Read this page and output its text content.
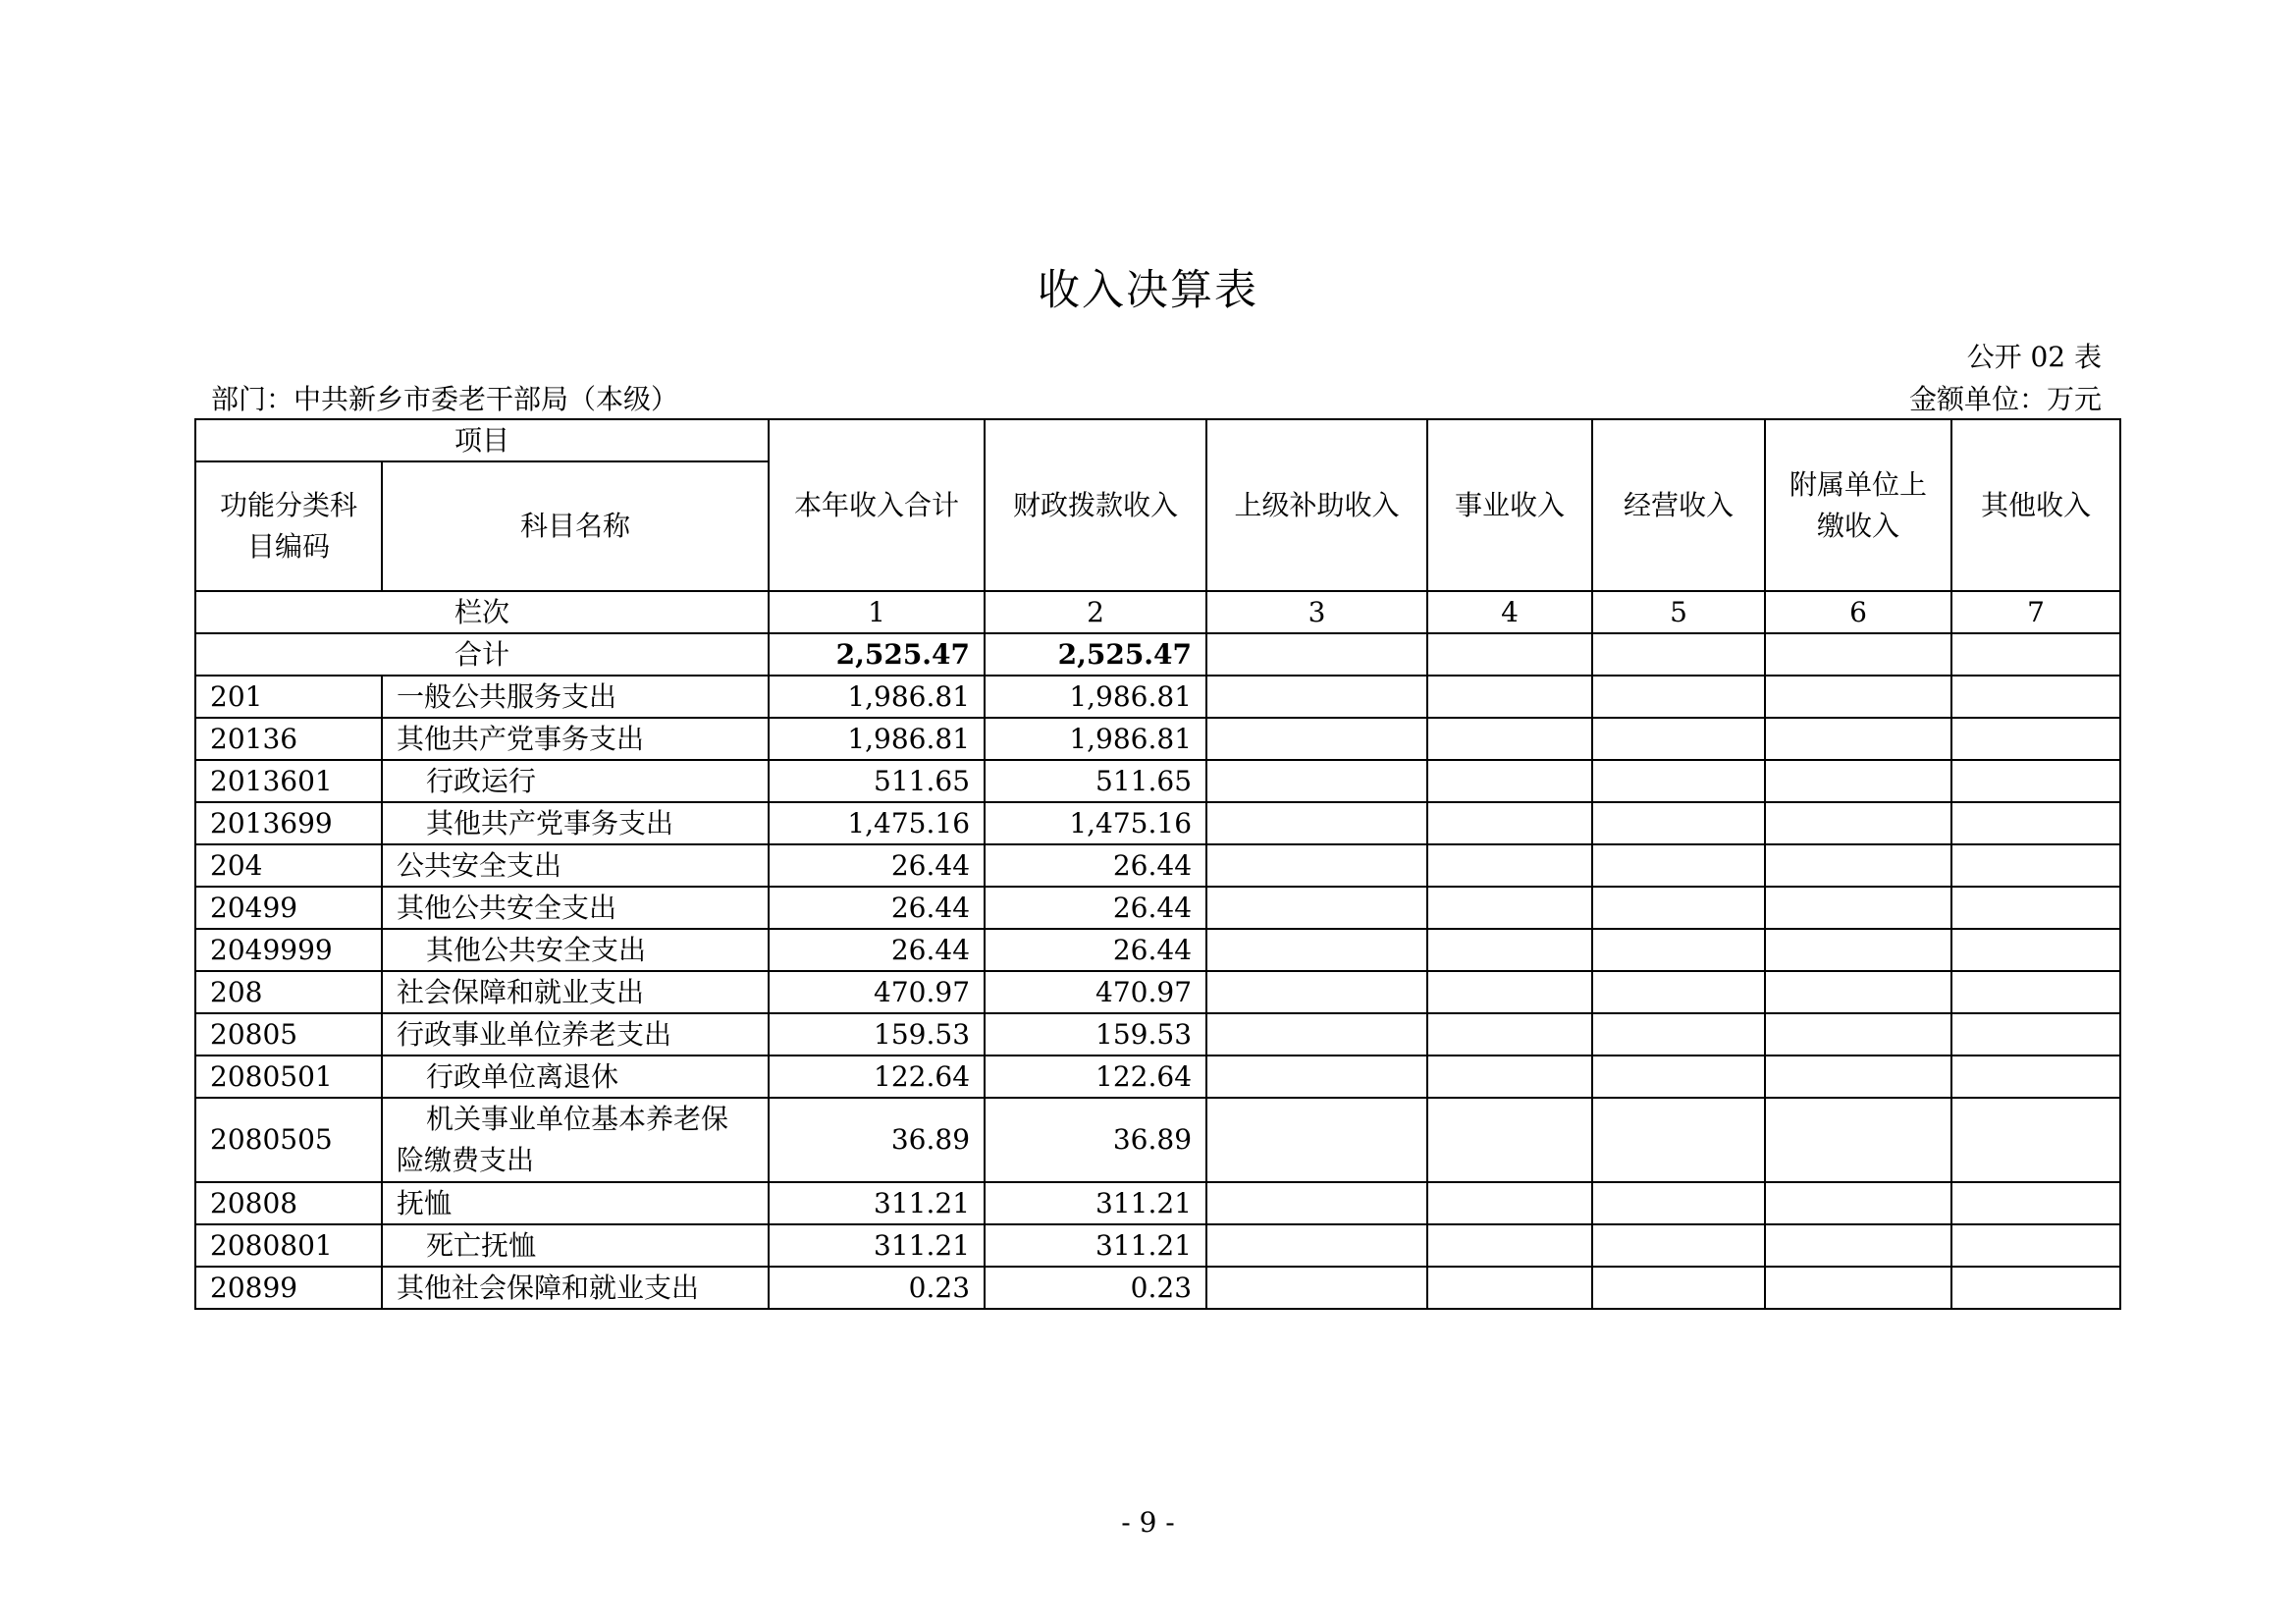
收入决算表
公开 02 表
部门：中共新乡市委老干部局（本级）	金额单位：万元
项目		本年收入合计	财政拨款收入	上级补助收入	事业收入	经营收入	附属单位上缴收入	其他收入
功能分类科目编码	科目名称							
栏次		1	2	3	4	5	6	7
合计		2,525.47	2,525.47					
201	一般公共服务支出	1,986.81	1,986.81					
20136	其他共产党事务支出	1,986.81	1,986.81					
2013601	行政运行	511.65	511.65					
2013699	其他共产党事务支出	1,475.16	1,475.16					
204	公共安全支出	26.44	26.44					
20499	其他公共安全支出	26.44	26.44					
2049999	其他公共安全支出	26.44	26.44					
208	社会保障和就业支出	470.97	470.97					
20805	行政事业单位养老支出	159.53	159.53					
2080501	行政单位离退休	122.64	122.64					
2080505	机关事业单位基本养老保险缴费支出	36.89	36.89					
20808	抚恤	311.21	311.21					
2080801	死亡抚恤	311.21	311.21					
20899	其他社会保障和就业支出	0.23	0.23					
- 9 -
